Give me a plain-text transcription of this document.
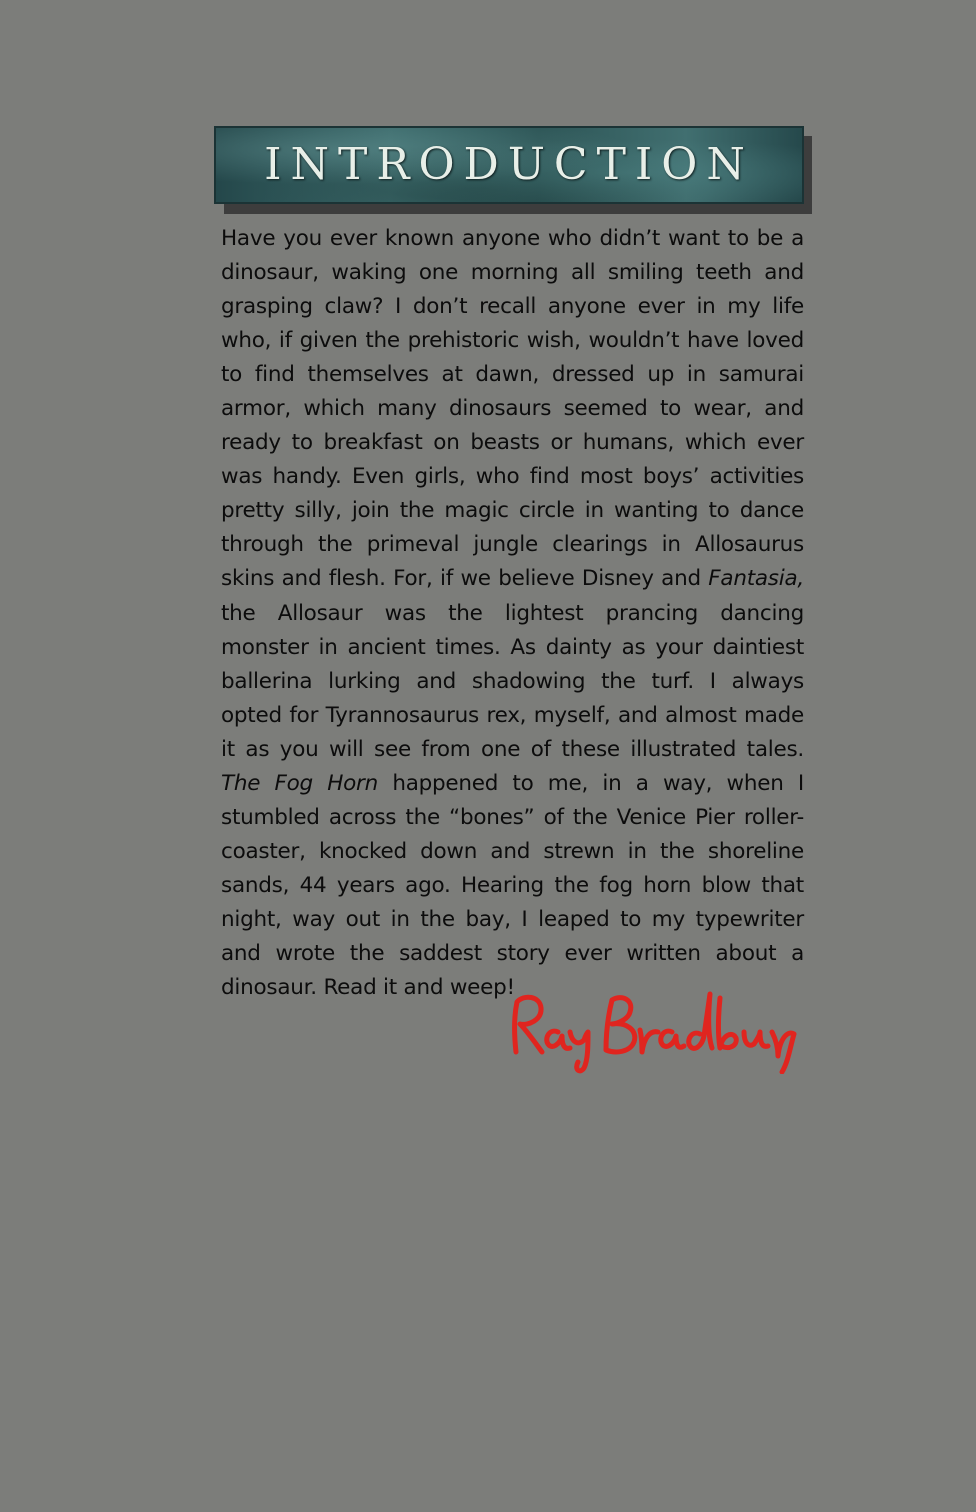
INTRODUCTION

Have you ever known anyone who didn’t want to be a dinosaur, waking one morning all smiling teeth and grasping claw? I don’t recall anyone ever in my life who, if given the prehistoric wish, wouldn’t have loved to find themselves at dawn, dressed up in samurai armor, which many dinosaurs seemed to wear, and ready to breakfast on beasts or humans, which ever was handy. Even girls, who find most boys’ activities pretty silly, join the magic circle in wanting to dance through the primeval jungle clearings in Allosaurus skins and flesh. For, if we believe Disney and Fantasia, the Allosaur was the lightest prancing dancing monster in ancient times. As dainty as your daintiest ballerina lurking and shadowing the turf. I always opted for Tyrannosaurus rex, myself, and almost made it as you will see from one of these illustrated tales. The Fog Horn happened to me, in a way, when I stumbled across the “bones” of the Venice Pier roller-coaster, knocked down and strewn in the shoreline sands, 44 years ago. Hearing the fog horn blow that night, way out in the bay, I leaped to my typewriter and wrote the saddest story ever written about a dinosaur. Read it and weep!
